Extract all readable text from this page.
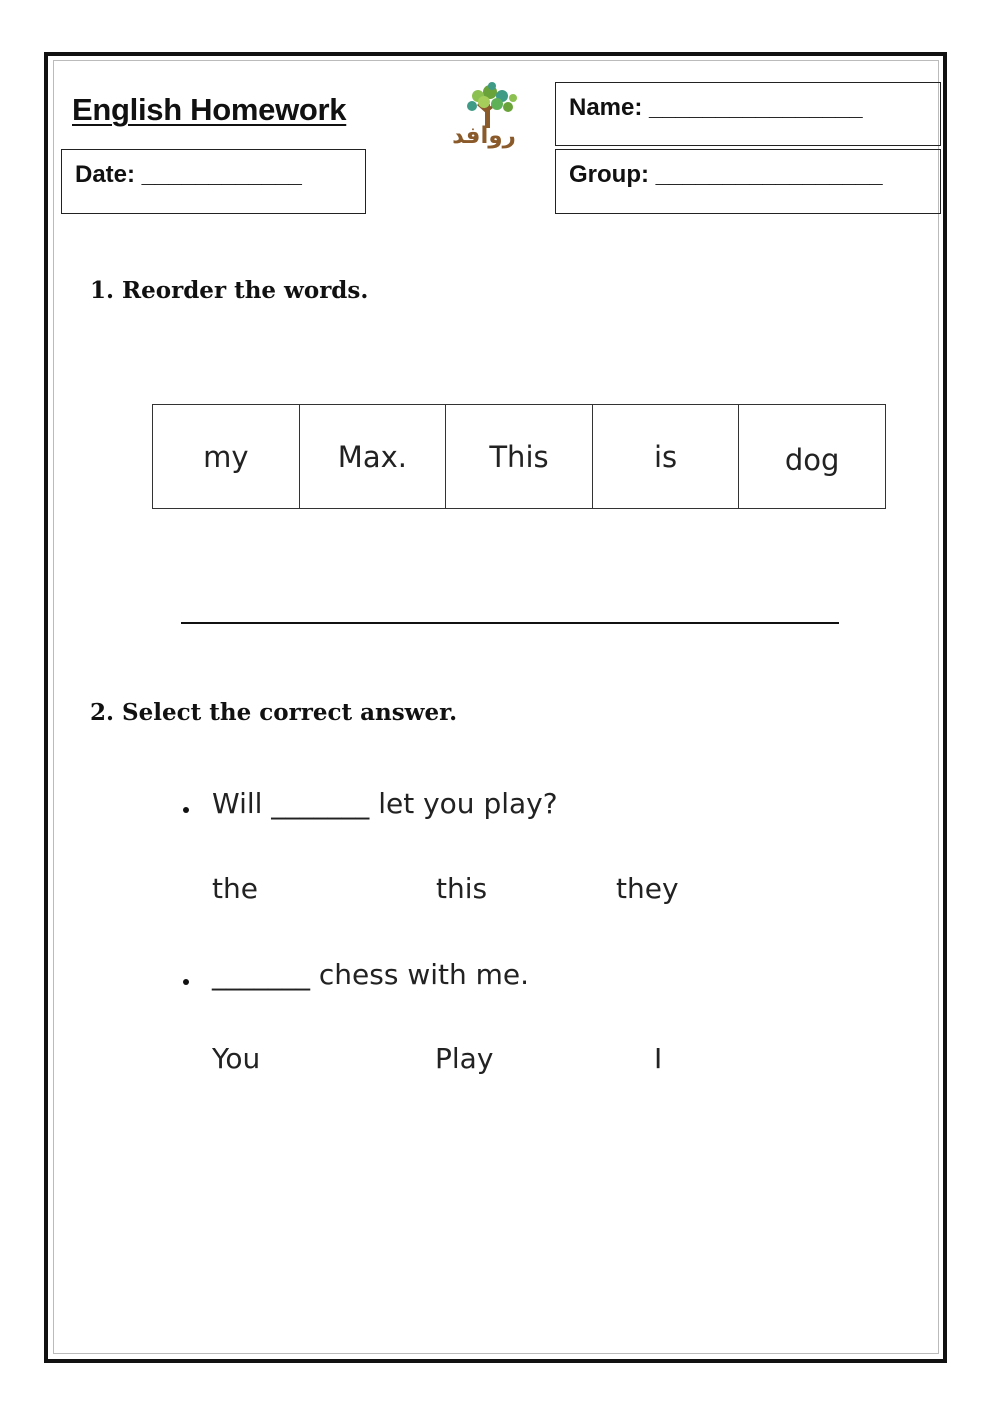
English Homework
Date: ____________
روافد
Name: ________________
Group: _________________
1. Reorder the words.
my	Max.	This	is	dog
2. Select the correct answer.
Will _______ let you play?
the	this	they
_______ chess with me.
You	Play	I
